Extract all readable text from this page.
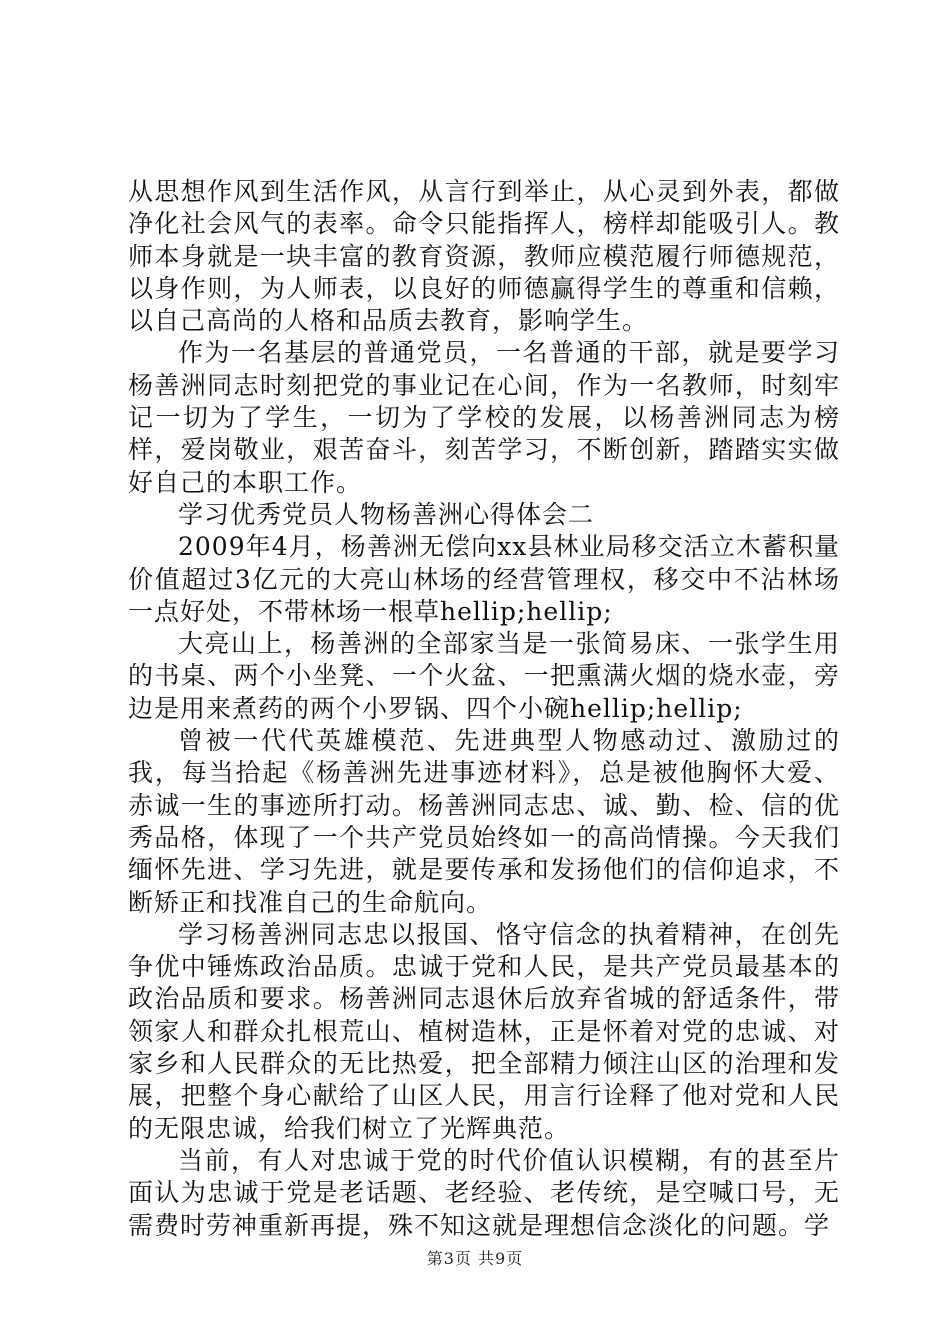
从思想作风到生活作风，从言行到举止，从心灵到外表，都做净化社会风气的表率。命令只能指挥人，榜样却能吸引人。教师本身就是一块丰富的教育资源，教师应模范履行师德规范，以身作则，为人师表，以良好的师德赢得学生的尊重和信赖，以自己高尚的人格和品质去教育，影响学生。

作为一名基层的普通党员，一名普通的干部，就是要学习杨善洲同志时刻把党的事业记在心间，作为一名教师，时刻牢记一切为了学生，一切为了学校的发展，以杨善洲同志为榜样，爱岗敬业，艰苦奋斗，刻苦学习，不断创新，踏踏实实做好自己的本职工作。

学习优秀党员人物杨善洲心得体会二

2009年4月，杨善洲无偿向xx县林业局移交活立木蓄积量价值超过3亿元的大亮山林场的经营管理权，移交中不沾林场一点好处，不带林场一根草hellip;hellip;

大亮山上，杨善洲的全部家当是一张简易床、一张学生用的书桌、两个小坐凳、一个火盆、一把熏满火烟的烧水壶，旁边是用来煮药的两个小罗锅、四个小碗hellip;hellip;

曾被一代代英雄模范、先进典型人物感动过、激励过的我，每当拾起《杨善洲先进事迹材料》，总是被他胸怀大爱、赤诚一生的事迹所打动。杨善洲同志忠、诚、勤、检、信的优秀品格，体现了一个共产党员始终如一的高尚情操。今天我们缅怀先进、学习先进，就是要传承和发扬他们的信仰追求，不断矫正和找准自己的生命航向。

学习杨善洲同志忠以报国、恪守信念的执着精神，在创先争优中锤炼政治品质。忠诚于党和人民，是共产党员最基本的政治品质和要求。杨善洲同志退休后放弃省城的舒适条件，带领家人和群众扎根荒山、植树造林，正是怀着对党的忠诚、对家乡和人民群众的无比热爱，把全部精力倾注山区的治理和发展，把整个身心献给了山区人民，用言行诠释了他对党和人民的无限忠诚，给我们树立了光辉典范。

当前，有人对忠诚于党的时代价值认识模糊，有的甚至片面认为忠诚于党是老话题、老经验、老传统，是空喊口号，无需费时劳神重新再提，殊不知这就是理想信念淡化的问题。学

第3页 共9页
